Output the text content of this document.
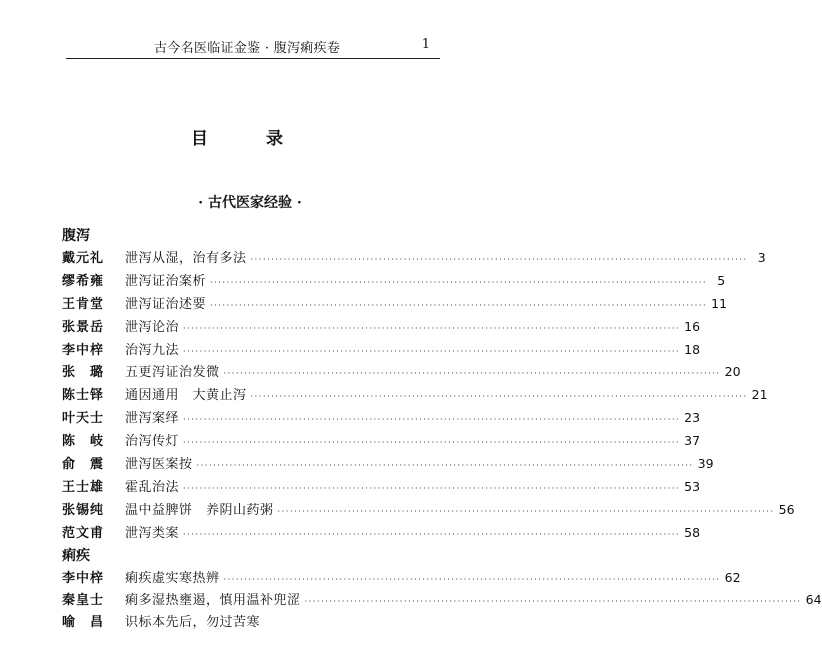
古今名医临证金鉴 · 腹泻痢疾卷	1
目 录
· 古代医家经验 ·
腹泻
戴元礼	泄泻从湿，治有多法 ························································································································ 3
缪希雍	泄泻证治案析 ························································································································ 5
王肯堂	泄泻证治述要 ························································································································ 11
张景岳	泄泻论治 ························································································································ 16
李中梓	治泻九法 ························································································································ 18
张　璐	五更泻证治发微 ························································································································ 20
陈士铎	通因通用　大黄止泻 ························································································································ 21
叶天士	泄泻案绎 ························································································································ 23
陈　岐	治泻传灯 ························································································································ 37
俞　震	泄泻医案按 ························································································································ 39
王士雄	霍乱治法 ························································································································ 53
张锡纯	温中益脾饼　养阴山药粥 ························································································································ 56
范文甫	泄泻类案 ························································································································ 58
痢疾
李中梓	痢疾虚实寒热辨 ························································································································ 62
秦皇士	痢多湿热壅遏，慎用温补兜涩 ························································································································ 64
喻　昌	识标本先后，勿过苦寒
